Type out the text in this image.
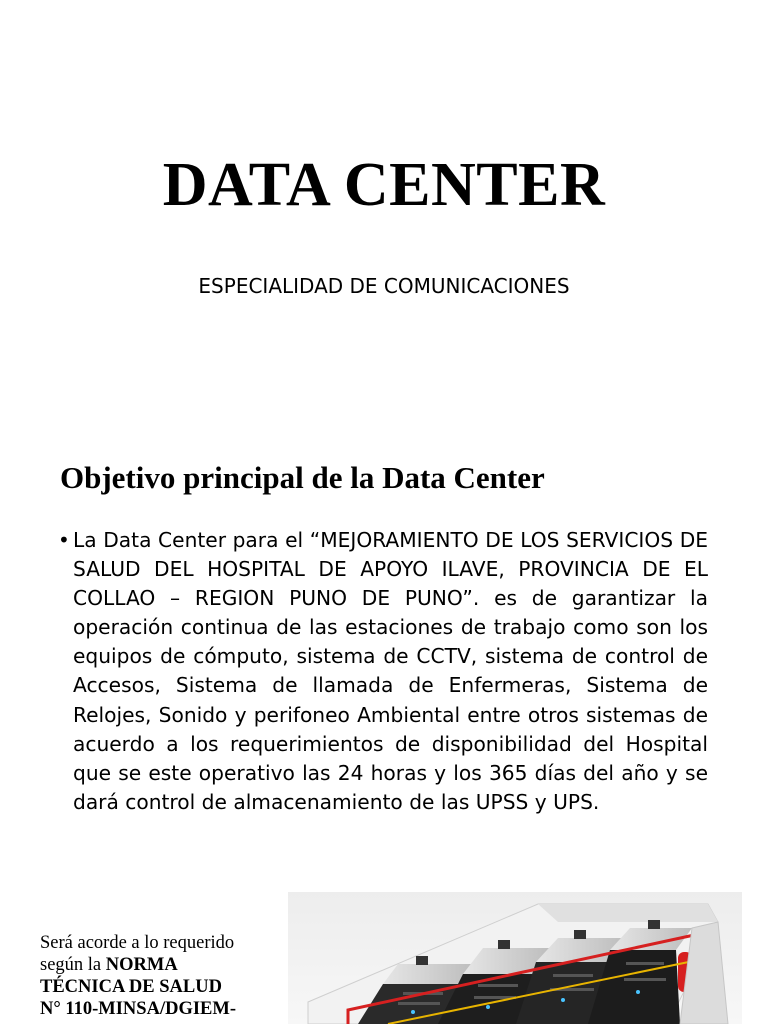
DATA CENTER

ESPECIALIDAD DE COMUNICACIONES

Objetivo principal de la Data Center
• La Data Center para el “MEJORAMIENTO DE LOS SERVICIOS DE SALUD DEL HOSPITAL DE APOYO ILAVE, PROVINCIA DE EL COLLAO – REGION PUNO DE PUNO”. es de garantizar la operación continua de las estaciones de trabajo como son los equipos de cómputo, sistema de CCTV, sistema de control de Accesos, Sistema de llamada de Enfermeras, Sistema de Relojes, Sonido y perifoneo Ambiental entre otros sistemas de acuerdo a los requerimientos de disponibilidad del Hospital que se este operativo las 24 horas y los 365 días del año y se dará control de almacenamiento de las UPSS y UPS.

Será acorde a lo requerido
según la NORMA
TÉCNICA DE SALUD
N° 110-MINSA/DGIEM-
